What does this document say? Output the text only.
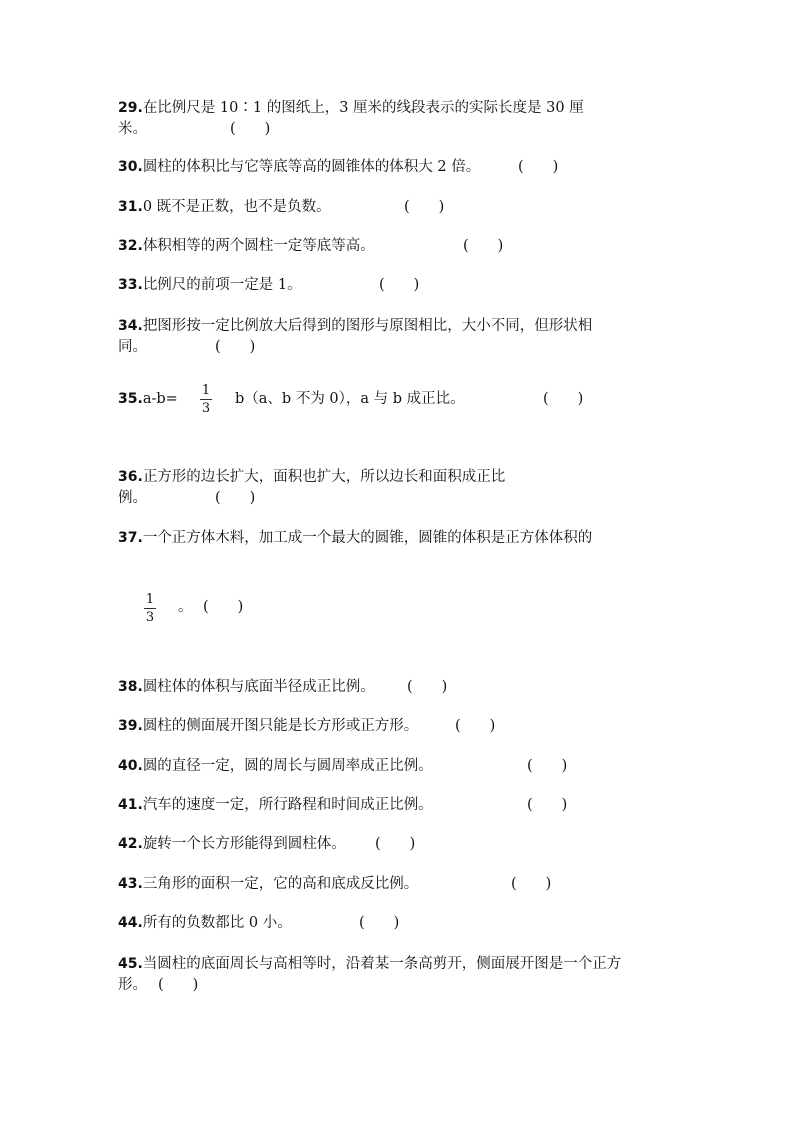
29.在比例尺是 10∶1 的图纸上，3 厘米的线段表示的实际长度是 30 厘
米。	(　　)
30.圆柱的体积比与它等底等高的圆锥体的体积大 2 倍。	(　　)
31.0 既不是正数，也不是负数。	(　　)
32.体积相等的两个圆柱一定等底等高。	(　　)
33.比例尺的前项一定是 1。	(　　)
34.把图形按一定比例放大后得到的图形与原图相比，大小不同，但形状相
同。	(　　)
35.a-b=
1
3
b（a、b 不为 0），a 与 b 成正比。	(　　)
36.正方形的边长扩大，面积也扩大，所以边长和面积成正比
例。	(　　)
37.一个正方体木料，加工成一个最大的圆锥，圆锥的体积是正方体体积的
1
3
。 (　　)
38.圆柱体的体积与底面半径成正比例。 (　　)
39.圆柱的侧面展开图只能是长方形或正方形。	(　　)
40.圆的直径一定，圆的周长与圆周率成正比例。	(　　)
41.汽车的速度一定，所行路程和时间成正比例。	(　　)
42.旋转一个长方形能得到圆柱体。 (　　)
43.三角形的面积一定，它的高和底成反比例。	(　　)
44.所有的负数都比 0 小。	(　　)
45.当圆柱的底面周长与高相等时，沿着某一条高剪开，侧面展开图是一个正方
形。 (　　)
